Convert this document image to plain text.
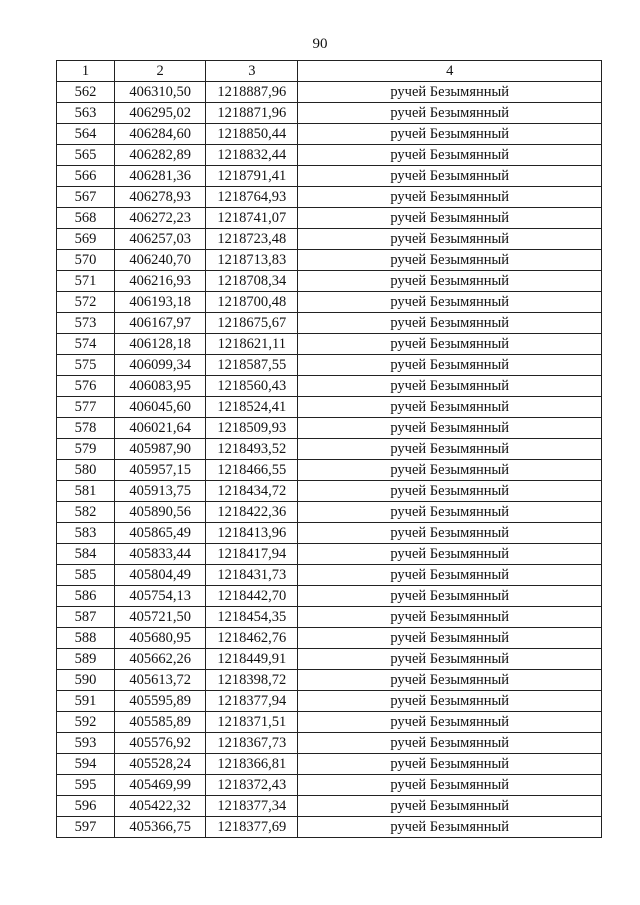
90
1	2	3	4
562	406310,50	1218887,96	ручей Безымянный
563	406295,02	1218871,96	ручей Безымянный
564	406284,60	1218850,44	ручей Безымянный
565	406282,89	1218832,44	ручей Безымянный
566	406281,36	1218791,41	ручей Безымянный
567	406278,93	1218764,93	ручей Безымянный
568	406272,23	1218741,07	ручей Безымянный
569	406257,03	1218723,48	ручей Безымянный
570	406240,70	1218713,83	ручей Безымянный
571	406216,93	1218708,34	ручей Безымянный
572	406193,18	1218700,48	ручей Безымянный
573	406167,97	1218675,67	ручей Безымянный
574	406128,18	1218621,11	ручей Безымянный
575	406099,34	1218587,55	ручей Безымянный
576	406083,95	1218560,43	ручей Безымянный
577	406045,60	1218524,41	ручей Безымянный
578	406021,64	1218509,93	ручей Безымянный
579	405987,90	1218493,52	ручей Безымянный
580	405957,15	1218466,55	ручей Безымянный
581	405913,75	1218434,72	ручей Безымянный
582	405890,56	1218422,36	ручей Безымянный
583	405865,49	1218413,96	ручей Безымянный
584	405833,44	1218417,94	ручей Безымянный
585	405804,49	1218431,73	ручей Безымянный
586	405754,13	1218442,70	ручей Безымянный
587	405721,50	1218454,35	ручей Безымянный
588	405680,95	1218462,76	ручей Безымянный
589	405662,26	1218449,91	ручей Безымянный
590	405613,72	1218398,72	ручей Безымянный
591	405595,89	1218377,94	ручей Безымянный
592	405585,89	1218371,51	ручей Безымянный
593	405576,92	1218367,73	ручей Безымянный
594	405528,24	1218366,81	ручей Безымянный
595	405469,99	1218372,43	ручей Безымянный
596	405422,32	1218377,34	ручей Безымянный
597	405366,75	1218377,69	ручей Безымянный
